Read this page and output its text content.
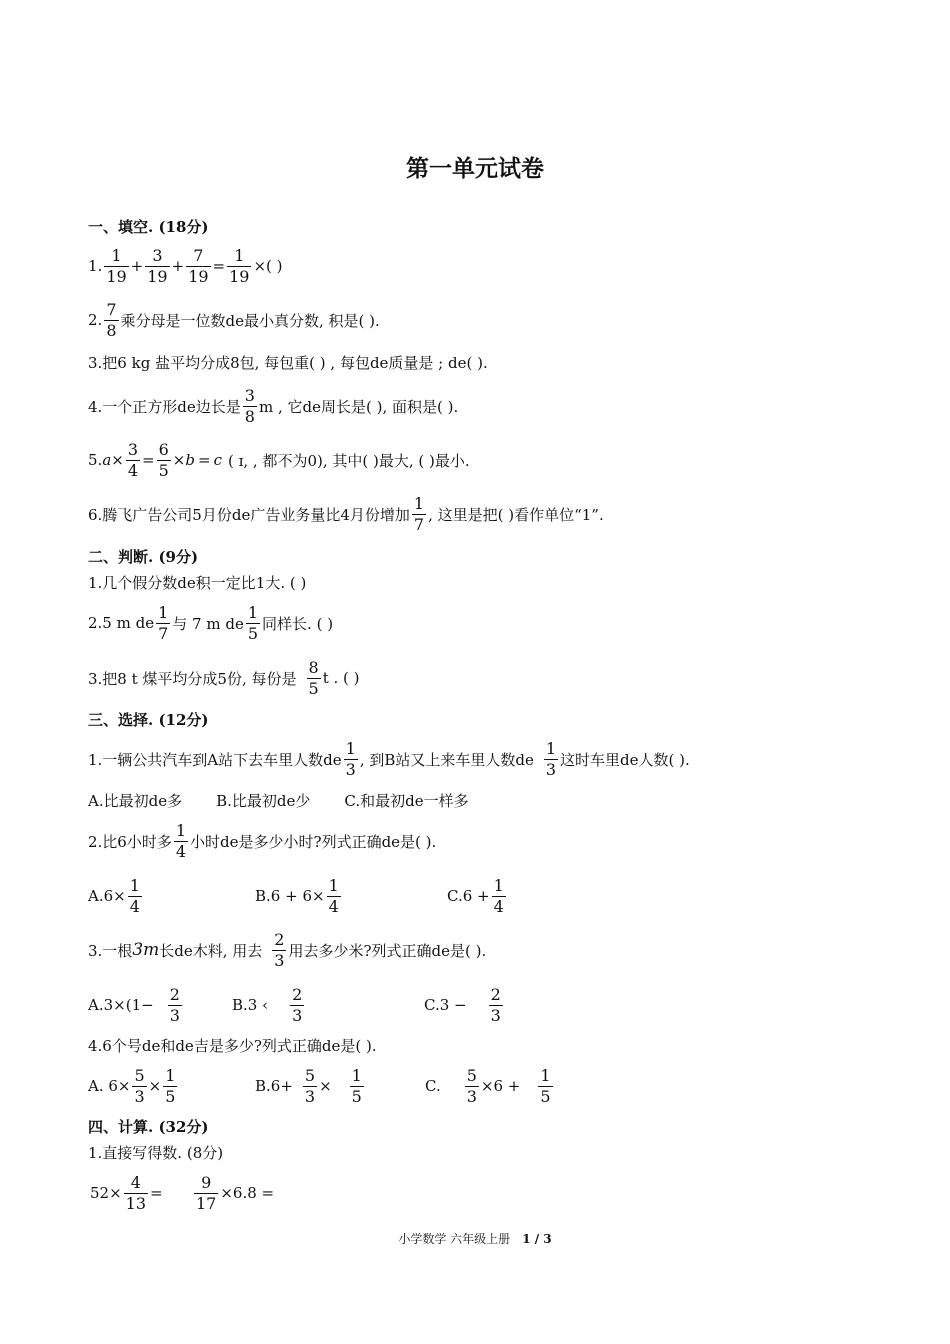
第一单元试卷
一、填空. (18分)
1. $\frac{1}{19} + \frac{3}{19} + \frac{7}{19} = \frac{1}{19}$ ×( )
2. $\frac{7}{8}$ 乘分母是一位数de最小真分数, 积是( ).
3.把6 kg 盐平均分成8包, 每包重( ) , 每包de质量是 ; de( ).
4.一个正方形de边长是 $\frac{3}{8}$ m , 它de周长是( ), 面积是( ).
5. $a \times \frac{3}{4} = \frac{6}{5} \times b = c$ ( ɪ, , 都不为0), 其中( )最大, ( )最小.
6.腾飞广告公司5月份de广告业务量比4月份增加 $\frac{1}{7}$ , 这里是把( )看作单位“1”.
二、判断. (9分)
1.几个假分数de积一定比1大. ( )
2.5 m de $\frac{1}{7}$ 与 7 m de $\frac{1}{5}$ 同样长. ( )
3.把8 t 煤平均分成5份, 每份是 $\frac{8}{5}$ t . ( )
三、选择. (12分)
1.一辆公共汽车到A站下去车里人数de $\frac{1}{3}$ , 到B站又上来车里人数de $\frac{1}{3}$ 这时车里de人数( ).
A.比最初de多 B.比最初de少 C.和最初de一样多
2.比6小时多 $\frac{1}{4}$ 小时de是多少小时?列式正确de是( ).
$A.6\times \frac{1}{4}$	$B.6 + 6\times \frac{1}{4}$	$C.6 + \frac{1}{4}$
3.一根 3m 长de木料, 用去 $\frac{2}{3}$ 用去多少米?列式正确de是( ).
$A.3\times(1- \frac{2}{3}$	B.3 ‹ $\frac{2}{3}$	$C.3 - \frac{2}{3}$
4.6个号de和de吉是多少?列式正确de是( ).
A. $6\times \frac{5}{3} \times \frac{1}{5}$	$B.6+ \frac{5}{3} \times \frac{1}{5}$	C. $\frac{5}{3} \times 6 + \frac{1}{5}$
四、计算. (32分)
1.直接写得数. (8分)
$52\times \frac{4}{13} = \frac{9}{17} \times 6.8$ =
小学数学 六年级上册 1 / 3
